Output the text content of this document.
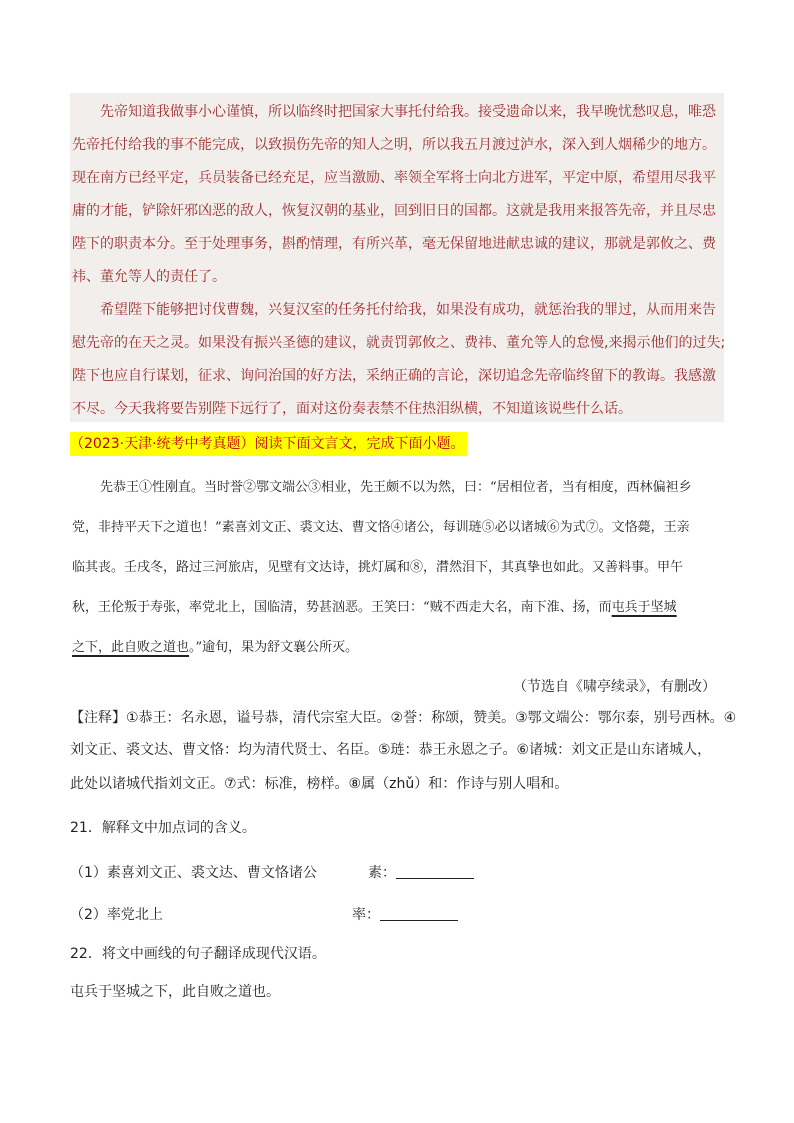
先帝知道我做事小心谨慎，所以临终时把国家大事托付给我。接受遗命以来，我早晚忧愁叹息，唯恐
先帝托付给我的事不能完成，以致损伤先帝的知人之明，所以我五月渡过泸水，深入到人烟稀少的地方。
现在南方已经平定，兵员装备已经充足，应当激励、率领全军将士向北方进军，平定中原，希望用尽我平
庸的才能，铲除奸邪凶恶的敌人，恢复汉朝的基业，回到旧日的国都。这就是我用来报答先帝，并且尽忠
陛下的职责本分。至于处理事务，斟酌情理，有所兴革，毫无保留地进献忠诚的建议，那就是郭攸之、费
祎、董允等人的责任了。
希望陛下能够把讨伐曹魏，兴复汉室的任务托付给我，如果没有成功，就惩治我的罪过，从而用来告
慰先帝的在天之灵。如果没有振兴圣德的建议，就责罚郭攸之、费祎、董允等人的怠慢,来揭示他们的过失;
陛下也应自行谋划，征求、询问治国的好方法，采纳正确的言论，深切追念先帝临终留下的教诲。我感激
不尽。今天我将要告别陛下远行了，面对这份奏表禁不住热泪纵横，不知道该说些什么话。
（2023·天津·统考中考真题）阅读下面文言文，完成下面小题。
先恭王①性刚直。当时誉②鄂文端公③相业，先王颇不以为然，曰：“居相位者，当有相度，西林偏袒乡
党，非持平天下之道也！”素喜刘文正、裘文达、曹文恪④诸公，每训琏⑤必以诸城⑥为式⑦。文恪薨，王亲
临其丧。壬戌冬，路过三河旅店，见壁有文达诗，挑灯属和⑧，潸然泪下，其真挚也如此。又善料事。甲午
秋，王伦叛于寿张，率党北上，国临清，势甚汹恶。王笑曰：“贼不西走大名，南下淮、扬，而屯兵于坚城
之下，此自败之道也。”逾旬，果为舒文襄公所灭。
（节选自《啸亭续录》，有删改）
【注释】①恭王：名永恩，谥号恭，清代宗室大臣。②誉：称颂，赞美。③鄂文端公：鄂尔泰，别号西林。④
刘文正、裘文达、曹文恪：均为清代贤士、名臣。⑤琏：恭王永恩之子。⑥诸城：刘文正是山东诸城人，
此处以诸城代指刘文正。⑦式：标准，榜样。⑧属（zhǔ）和：作诗与别人唱和。
21．解释文中加点词的含义。
（1）素喜刘文正、裘文达、曹文恪诸公	素：
（2）率党北上	率：
22．将文中画线的句子翻译成现代汉语。
屯兵于坚城之下，此自败之道也。
